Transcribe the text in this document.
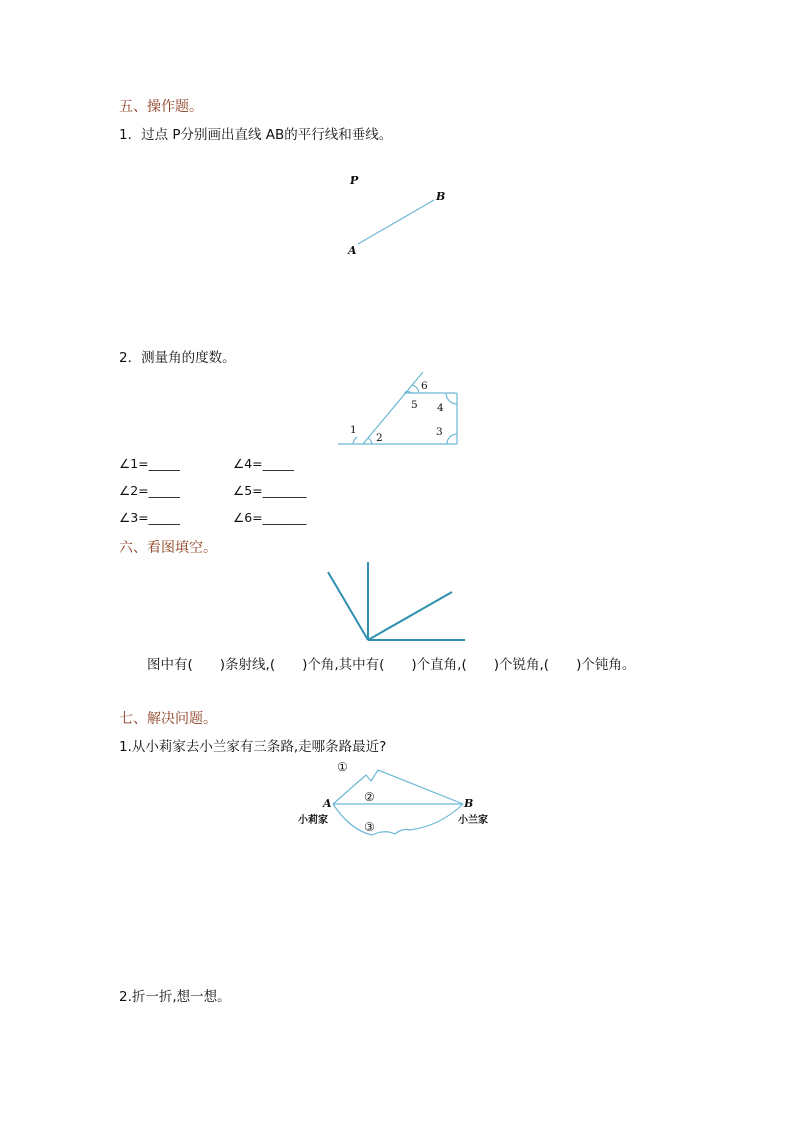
五、操作题。
1．过点 P分别画出直线 AB的平行线和垂线。
P
B
A
2．测量角的度数。
1
2	3
4
5
6
∠1=_____	∠4=_____
∠2=_____	∠5=_______
∠3=_____	∠6=_______
六、看图填空。
图中有(　　)条射线,(　　)个角,其中有(　　)个直角,(　　)个锐角,(　　)个钝角。
七、解决问题。
1.从小莉家去小兰家有三条路,走哪条路最近?
A	B
小莉家	小兰家
①
②
③
2.折一折,想一想。
